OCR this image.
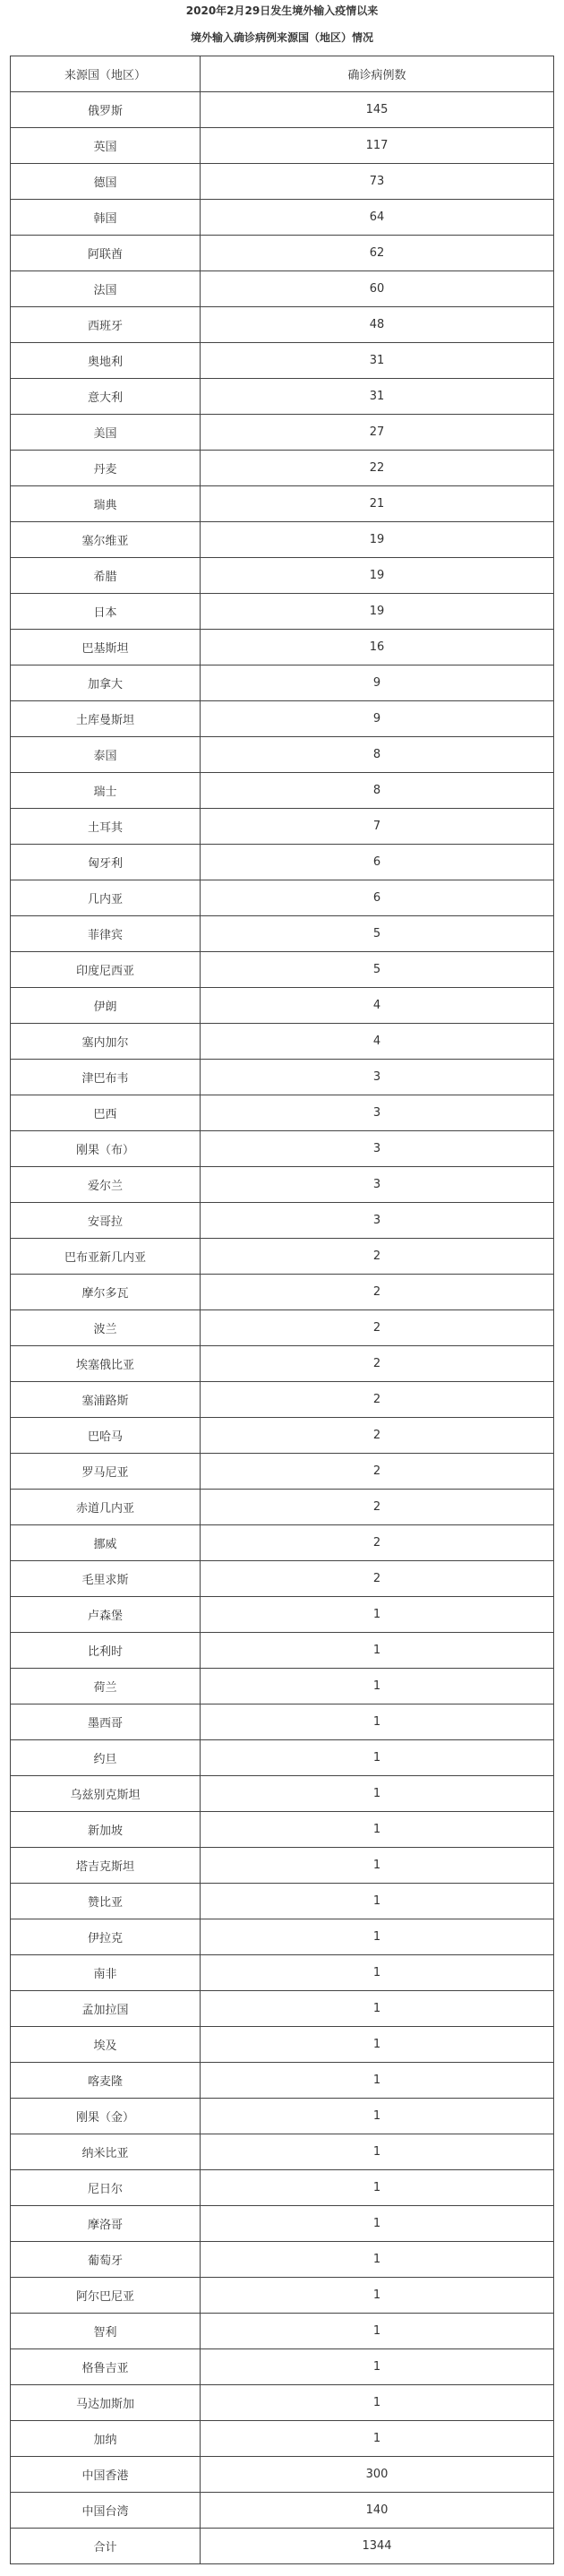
2020年2月29日发生境外输入疫情以来
境外输入确诊病例来源国（地区）情况
来源国（地区）	确诊病例数
俄罗斯	145
英国	117
德国	73
韩国	64
阿联酋	62
法国	60
西班牙	48
奥地利	31
意大利	31
美国	27
丹麦	22
瑞典	21
塞尔维亚	19
希腊	19
日本	19
巴基斯坦	16
加拿大	9
土库曼斯坦	9
泰国	8
瑞士	8
土耳其	7
匈牙利	6
几内亚	6
菲律宾	5
印度尼西亚	5
伊朗	4
塞内加尔	4
津巴布韦	3
巴西	3
刚果（布）	3
爱尔兰	3
安哥拉	3
巴布亚新几内亚	2
摩尔多瓦	2
波兰	2
埃塞俄比亚	2
塞浦路斯	2
巴哈马	2
罗马尼亚	2
赤道几内亚	2
挪威	2
毛里求斯	2
卢森堡	1
比利时	1
荷兰	1
墨西哥	1
约旦	1
乌兹别克斯坦	1
新加坡	1
塔吉克斯坦	1
赞比亚	1
伊拉克	1
南非	1
孟加拉国	1
埃及	1
喀麦隆	1
刚果（金）	1
纳米比亚	1
尼日尔	1
摩洛哥	1
葡萄牙	1
阿尔巴尼亚	1
智利	1
格鲁吉亚	1
马达加斯加	1
加纳	1
中国香港	300
中国台湾	140
合计	1344
